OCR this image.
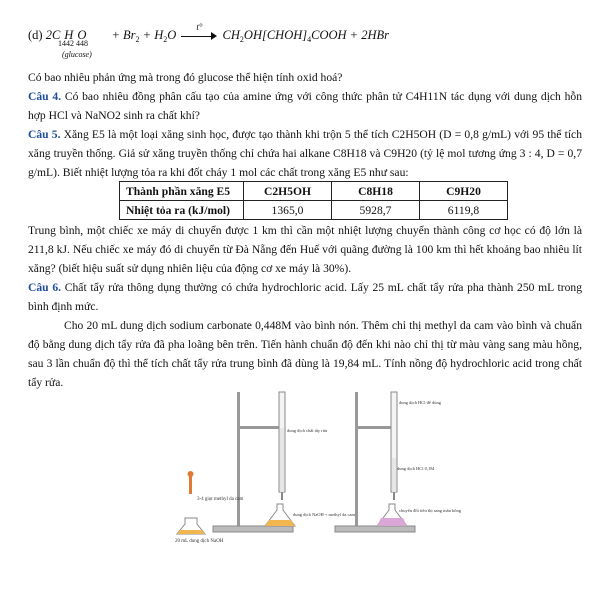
(d) 2C H O
(glucose)
1442 448
+ $Br_2 + H_2O$
t°
$CH_2OH[CHOH]_4COOH + 2HBr$
Có bao nhiêu phản ứng mà trong đó glucose thể hiện tính oxid hoá?
Câu 4. Có bao nhiêu đồng phân cấu tạo của amine ứng với công thức phân tử C4H11N tác dụng với dung dịch hỗn hợp HCl và NaNO2 sinh ra chất khí?
Câu 5. Xăng E5 là một loại xăng sinh học, được tạo thành khi trộn 5 thể tích C2H5OH (D = 0,8 g/mL) với 95 thể tích xăng truyền thống. Giả sử xăng truyền thống chỉ chứa hai alkane C8H18 và C9H20 (tỷ lệ mol tương ứng 3 : 4, D = 0,7 g/mL). Biết nhiệt lượng tỏa ra khi đốt cháy 1 mol các chất trong xăng E5 như sau:
Thành phần xăng E5	C2H5OH	C8H18	C9H20
Nhiệt tỏa ra (kJ/mol)	1365,0	5928,7	6119,8
Trung bình, một chiếc xe máy di chuyển được 1 km thì cần một nhiệt lượng chuyển thành công cơ học có độ lớn là 211,8 kJ. Nếu chiếc xe máy đó di chuyển từ Đà Nẵng đến Huế với quãng đường là 100 km thì hết khoảng bao nhiêu lít xăng? (biết hiệu suất sử dụng nhiên liệu của động cơ xe máy là 30%).
Câu 6. Chất tẩy rửa thông dụng thường có chứa hydrochloric acid. Lấy 25 mL chất tẩy rửa pha thành 250 mL trong bình định mức.
Cho 20 mL dung dịch sodium carbonate 0,448M vào bình nón. Thêm chỉ thị methyl da cam vào bình và chuẩn độ bằng dung dịch tẩy rửa đã pha loãng bên trên. Tiến hành chuẩn độ đến khi nào chỉ thị từ màu vàng sang màu hồng, sau 3 lần chuẩn độ thì thể tích chất tẩy rửa trung bình đã dùng là 19,84 mL. Tính nồng độ hydrochloric acid trong chất tẩy rửa.
3-4 giọt methyl da cam
20 mL dung dịch NaOH
dung dịch chất tẩy rửa
dung dịch NaOH + methyl da cam
dung dịch HCl để dùng
dung dịch HCl 0,1M
chuyển đổi tiêu thị sang màu hồng
